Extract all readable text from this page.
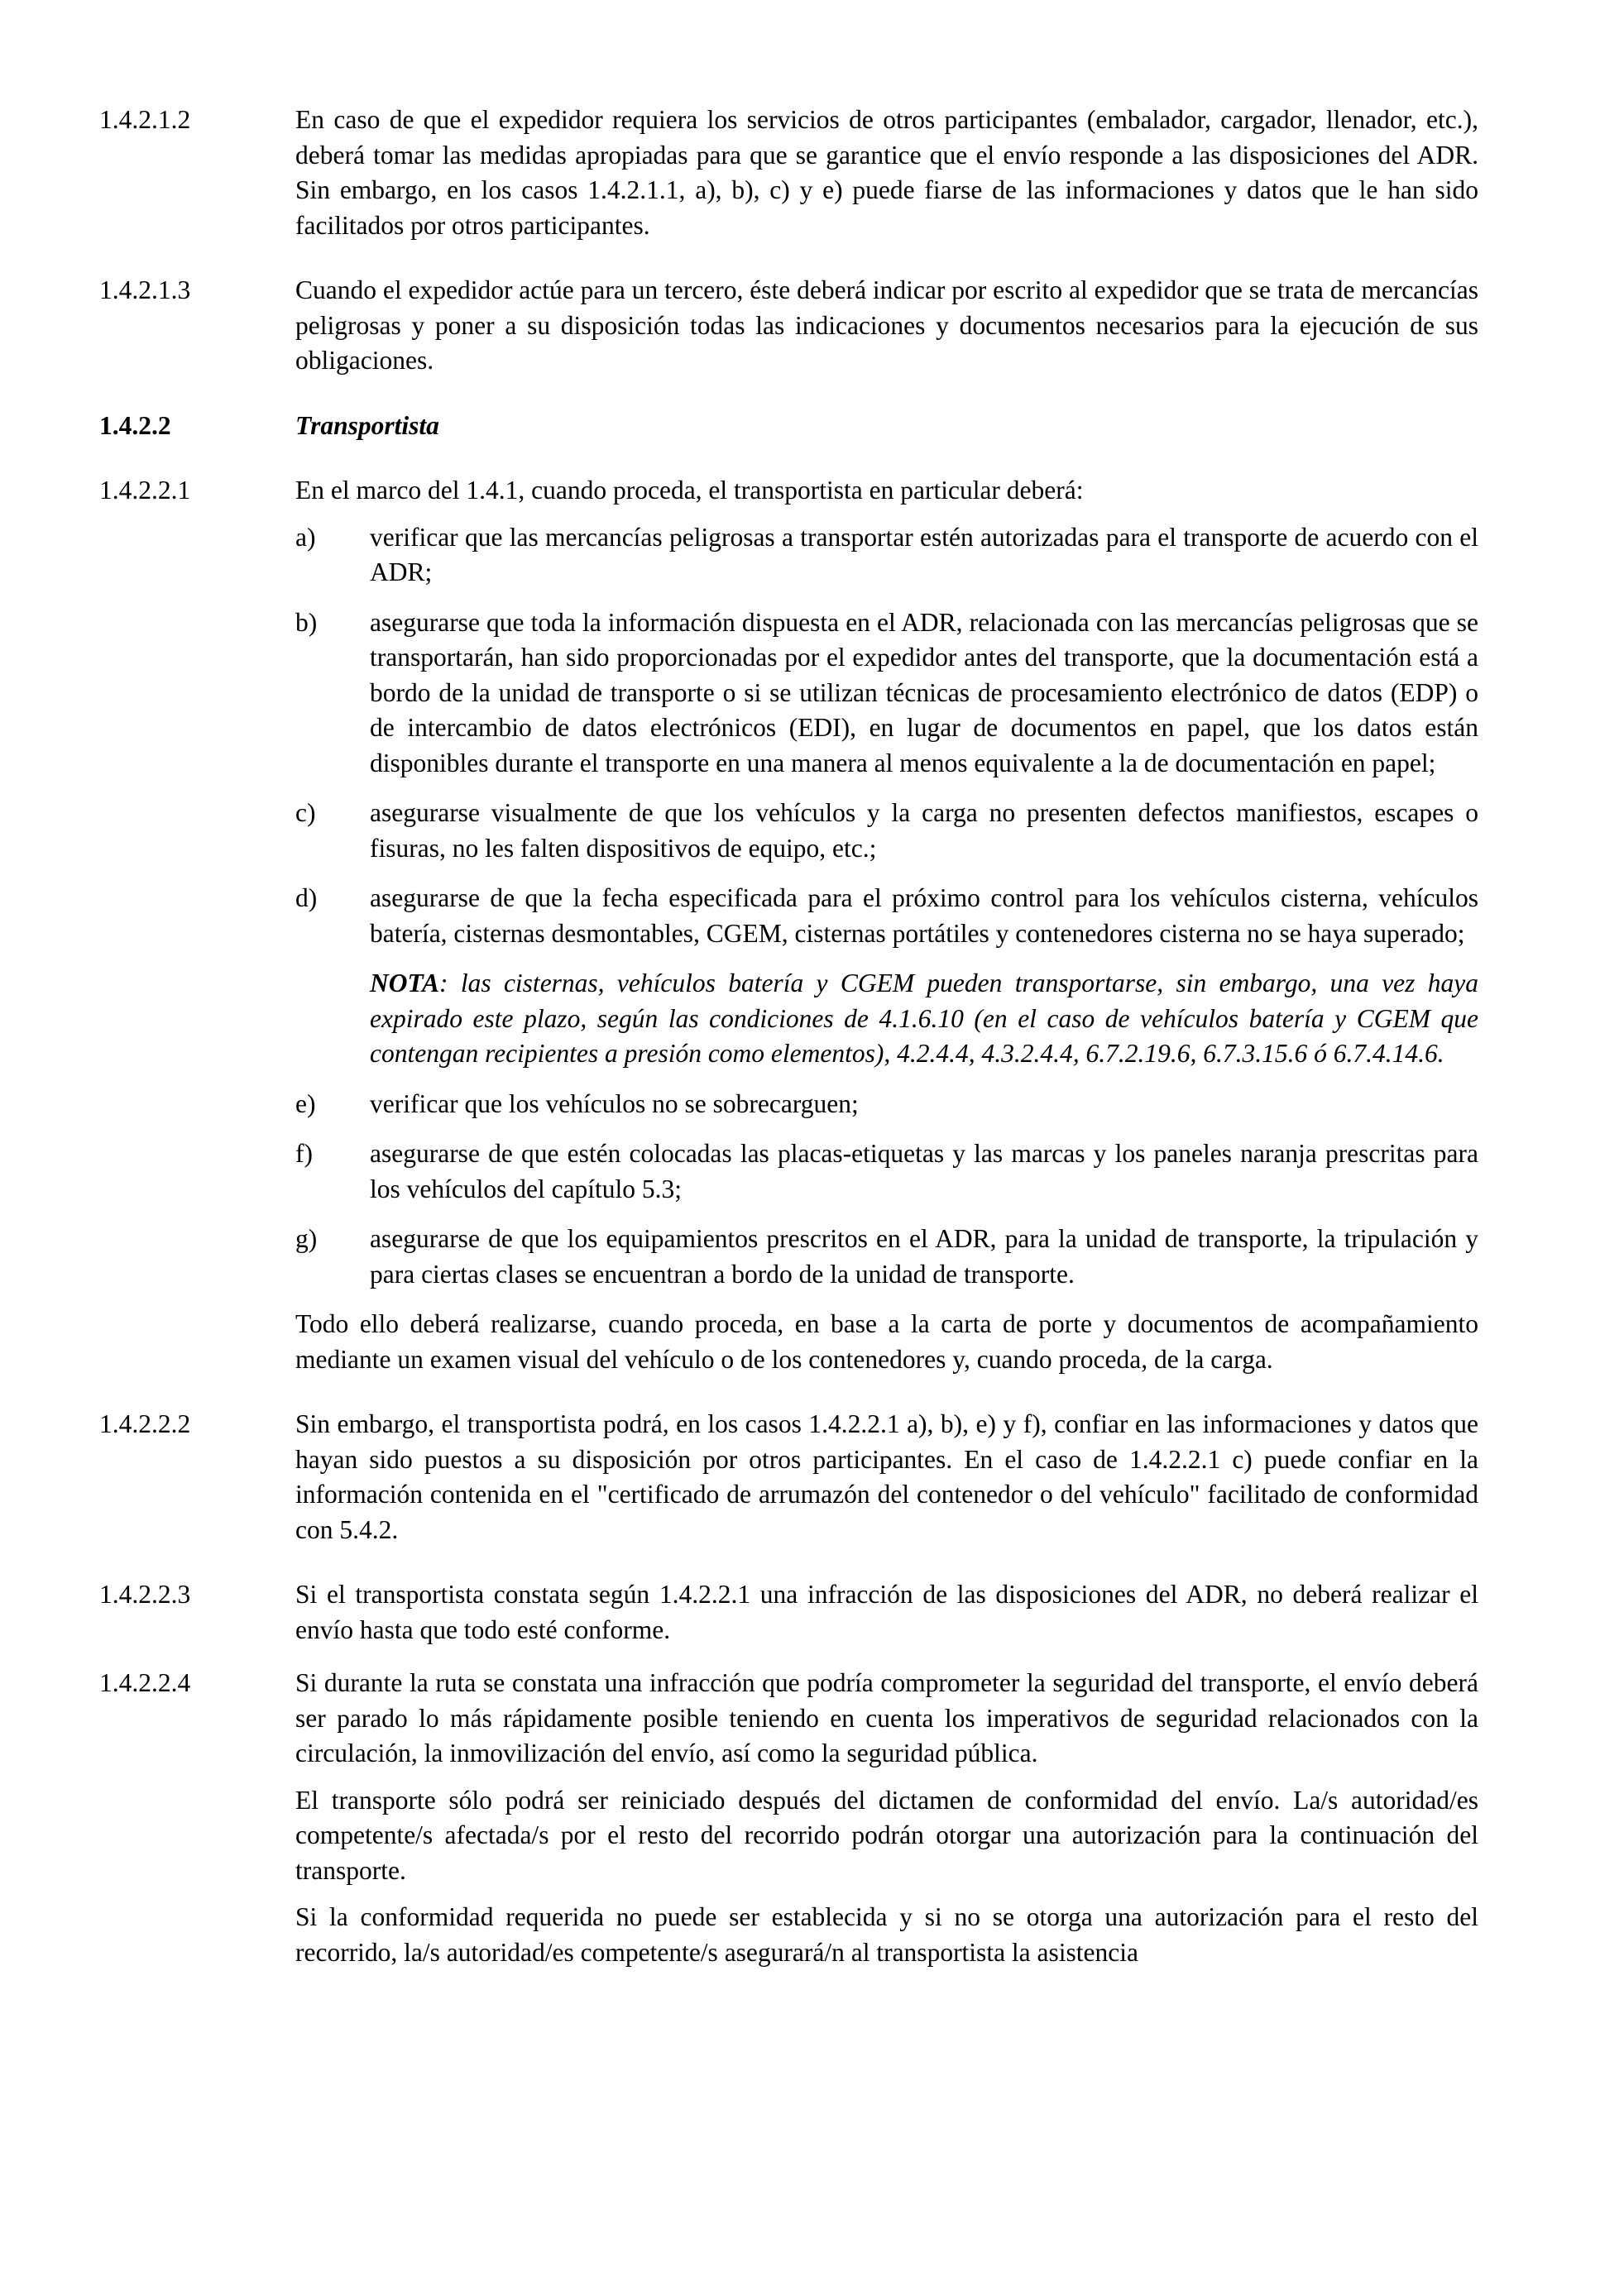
1.4.2.1.2	En caso de que el expedidor requiera los servicios de otros participantes (embalador, cargador, llenador, etc.), deberá tomar las medidas apropiadas para que se garantice que el envío responde a las disposiciones del ADR. Sin embargo, en los casos 1.4.2.1.1, a), b), c) y e) puede fiarse de las informaciones y datos que le han sido facilitados por otros participantes.

1.4.2.1.3	Cuando el expedidor actúe para un tercero, éste deberá indicar por escrito al expedidor que se trata de mercancías peligrosas y poner a su disposición todas las indicaciones y documentos necesarios para la ejecución de sus obligaciones.

1.4.2.2	Transportista

1.4.2.2.1	En el marco del 1.4.1, cuando proceda, el transportista en particular deberá:

a)	verificar que las mercancías peligrosas a transportar estén autorizadas para el transporte de acuerdo con el ADR;
b)	asegurarse que toda la información dispuesta en el ADR, relacionada con las mercancías peligrosas que se transportarán, han sido proporcionadas por el expedidor antes del transporte, que la documentación está a bordo de la unidad de transporte o si se utilizan técnicas de procesamiento electrónico de datos (EDP) o de intercambio de datos electrónicos (EDI), en lugar de documentos en papel, que los datos están disponibles durante el transporte en una manera al menos equivalente a la de documentación en papel;
c)	asegurarse visualmente de que los vehículos y la carga no presenten defectos manifiestos, escapes o fisuras, no les falten dispositivos de equipo, etc.;
d)	asegurarse de que la fecha especificada para el próximo control para los vehículos cisterna, vehículos batería, cisternas desmontables, CGEM, cisternas portátiles y contenedores cisterna no se haya superado;

NOTA: las cisternas, vehículos batería y CGEM pueden transportarse, sin embargo, una vez haya expirado este plazo, según las condiciones de 4.1.6.10 (en el caso de vehículos batería y CGEM que contengan recipientes a presión como elementos), 4.2.4.4, 4.3.2.4.4, 6.7.2.19.6, 6.7.3.15.6 ó 6.7.4.14.6.

e)	verificar que los vehículos no se sobrecarguen;
f)	asegurarse de que estén colocadas las placas-etiquetas y las marcas y los paneles naranja prescritas para los vehículos del capítulo 5.3;
g)	asegurarse de que los equipamientos prescritos en el ADR, para la unidad de transporte, la tripulación y para ciertas clases se encuentran a bordo de la unidad de transporte.

Todo ello deberá realizarse, cuando proceda, en base a la carta de porte y documentos de acompañamiento mediante un examen visual del vehículo o de los contenedores y, cuando proceda, de la carga.

1.4.2.2.2	Sin embargo, el transportista podrá, en los casos 1.4.2.2.1 a), b), e) y f), confiar en las informaciones y datos que hayan sido puestos a su disposición por otros participantes. En el caso de 1.4.2.2.1 c) puede confiar en la información contenida en el "certificado de arrumazón del contenedor o del vehículo" facilitado de conformidad con 5.4.2.

1.4.2.2.3	Si el transportista constata según 1.4.2.2.1 una infracción de las disposiciones del ADR, no deberá realizar el envío hasta que todo esté conforme.

1.4.2.2.4	Si durante la ruta se constata una infracción que podría comprometer la seguridad del transporte, el envío deberá ser parado lo más rápidamente posible teniendo en cuenta los imperativos de seguridad relacionados con la circulación, la inmovilización del envío, así como la seguridad pública.

El transporte sólo podrá ser reiniciado después del dictamen de conformidad del envío. La/s autoridad/es competente/s afectada/s por el resto del recorrido podrán otorgar una autorización para la continuación del transporte.

Si la conformidad requerida no puede ser establecida y si no se otorga una autorización para el resto del recorrido, la/s autoridad/es competente/s asegurará/n al transportista la asistencia
